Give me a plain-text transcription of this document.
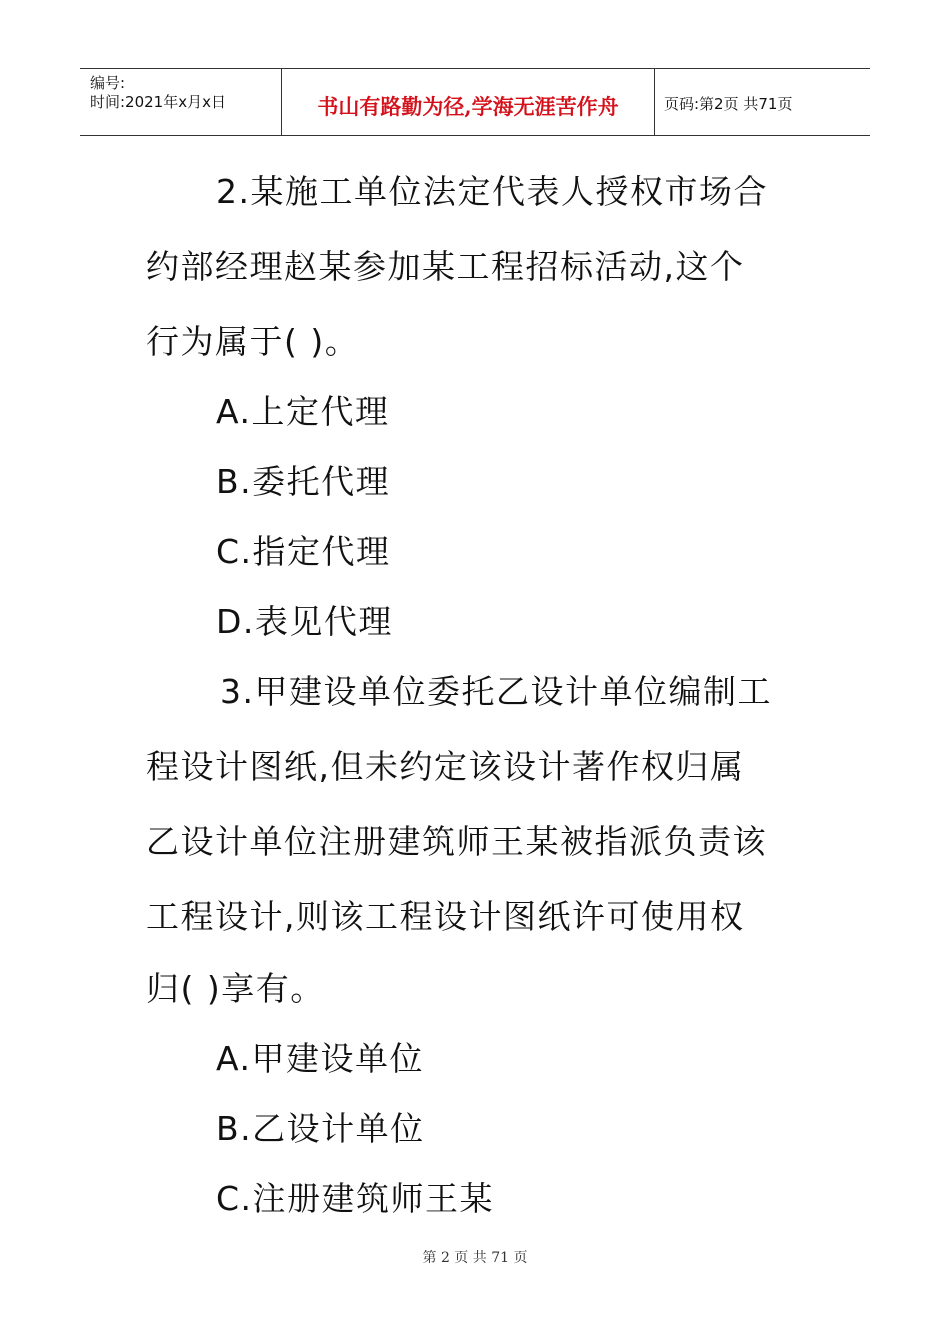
编号:
时间:2021年x月x日	书山有路勤为径,学海无涯苦作舟	页码:第2页 共71页
2.某施工单位法定代表人授权市场合
约部经理赵某参加某工程招标活动,这个
行为属于( )。
A.上定代理
B.委托代理
C.指定代理
D.表见代理
3.甲建设单位委托乙设计单位编制工
程设计图纸,但未约定该设计著作权归属
乙设计单位注册建筑师王某被指派负责该
工程设计,则该工程设计图纸许可使用权
归( )享有。
A.甲建设单位
B.乙设计单位
C.注册建筑师王某
第 2 页 共 71 页
